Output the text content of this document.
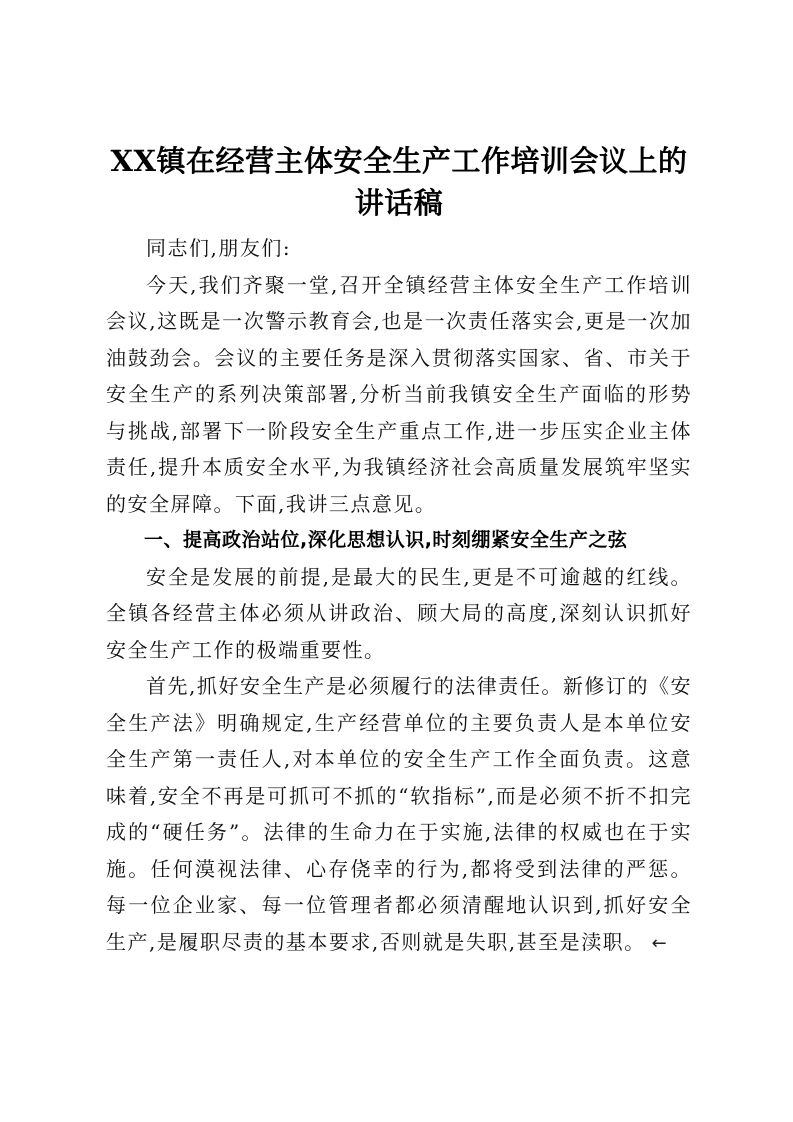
XX镇在经营主体安全生产工作培训会议上的
讲话稿

同志们,朋友们:

今天,我们齐聚一堂,召开全镇经营主体安全生产工作培训会议,这既是一次警示教育会,也是一次责任落实会,更是一次加油鼓劲会。会议的主要任务是深入贯彻落实国家、省、市关于安全生产的系列决策部署,分析当前我镇安全生产面临的形势与挑战,部署下一阶段安全生产重点工作,进一步压实企业主体责任,提升本质安全水平,为我镇经济社会高质量发展筑牢坚实的安全屏障。下面,我讲三点意见。

一、提高政治站位,深化思想认识,时刻绷紧安全生产之弦

安全是发展的前提,是最大的民生,更是不可逾越的红线。全镇各经营主体必须从讲政治、顾大局的高度,深刻认识抓好安全生产工作的极端重要性。

首先,抓好安全生产是必须履行的法律责任。新修订的《安全生产法》明确规定,生产经营单位的主要负责人是本单位安全生产第一责任人,对本单位的安全生产工作全面负责。这意味着,安全不再是可抓可不抓的“软指标”,而是必须不折不扣完成的“硬任务”。法律的生命力在于实施,法律的权威也在于实施。任何漠视法律、心存侥幸的行为,都将受到法律的严惩。每一位企业家、每一位管理者都必须清醒地认识到,抓好安全生产,是履职尽责的基本要求,否则就是失职,甚至是渎职。 ←
